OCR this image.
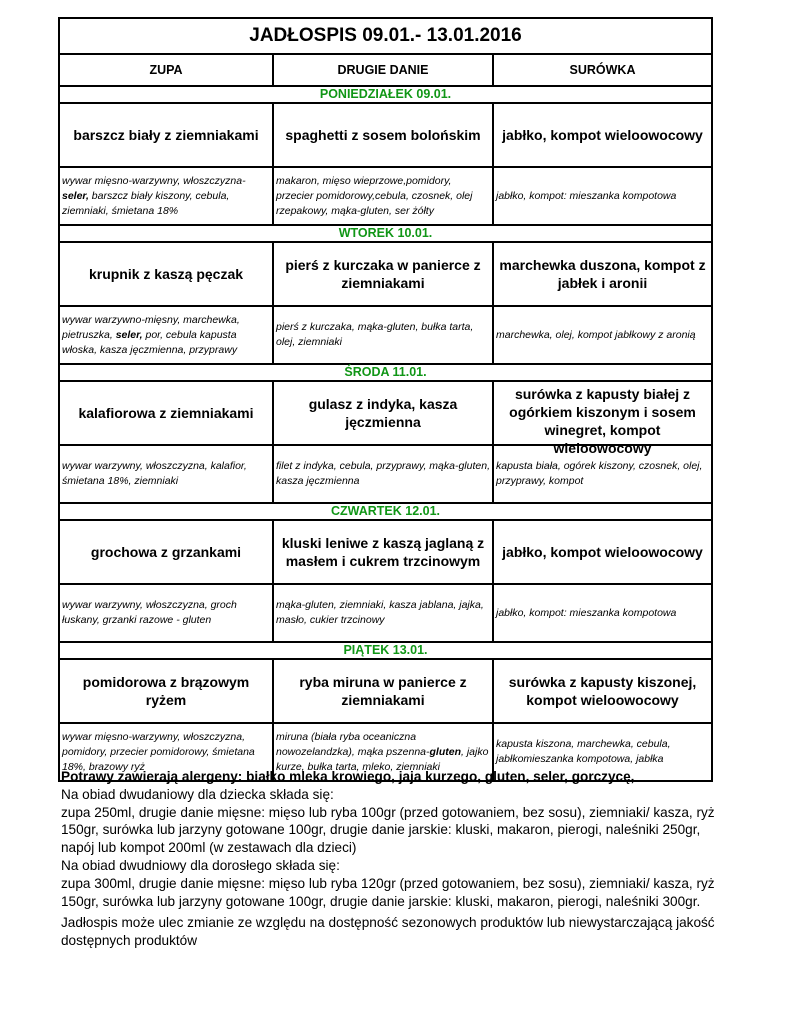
JADŁOSPIS 09.01.- 13.01.2016		
ZUPA	DRUGIE DANIE	SURÓWKA
PONIEDZIAŁEK 09.01.		

barszcz biały z ziemniakami	spaghetti z sosem bolońskim	jabłko, kompot wieloowocowy

wywar mięsno-warzywny, włoszczyzna-seler, barszcz biały kiszony, cebula, ziemniaki, śmietana 18%	makaron, mięso wieprzowe,pomidory, przecier pomidorowy,cebula, czosnek, olej rzepakowy, mąka-gluten, ser żółty	jabłko, kompot: mieszanka kompotowa
WTOREK 10.01.		

krupnik z kaszą pęczak	pierś z kurczaka w panierce z ziemniakami	marchewka duszona, kompot z jabłek i aronii

wywar warzywno-mięsny, marchewka, pietruszka, seler, por, cebula kapusta włoska, kasza jęczmienna, przyprawy	pierś z kurczaka, mąka-gluten, bułka tarta, olej, ziemniaki	marchewka, olej, kompot jabłkowy z aronią
ŚRODA 11.01.		

kalafiorowa z ziemniakami	gulasz z indyka, kasza jęczmienna	surówka z kapusty białej z ogórkiem kiszonym i sosem winegret, kompot wieloowocowy

wywar warzywny, włoszczyzna, kalafior, śmietana 18%, ziemniaki	filet z indyka, cebula, przyprawy, mąka-gluten, kasza jęczmienna	kapusta biała, ogórek kiszony, czosnek, olej, przyprawy, kompot
CZWARTEK 12.01.		

grochowa z grzankami	kluski leniwe z kaszą jaglaną z masłem i cukrem trzcinowym	jabłko, kompot wieloowocowy

wywar warzywny, włoszczyzna, groch łuskany, grzanki razowe - gluten	mąka-gluten, ziemniaki, kasza jablana, jajka, masło, cukier trzcinowy	jabłko, kompot: mieszanka kompotowa
PIĄTEK 13.01.		

pomidorowa z brązowym ryżem	ryba miruna w panierce z ziemniakami	surówka z kapusty kiszonej, kompot wieloowocowy

wywar mięsno-warzywny, włoszczyzna, pomidory, przecier pomidorowy, śmietana 18%, brazowy ryż	miruna (biała ryba oceaniczna nowozelandzka), mąka pszenna-gluten, jajko kurze, bułka tarta, mleko, ziemniaki	kapusta kiszona, marchewka, cebula, jabłkomieszanka kompotowa, jabłka

Potrawy zawierają alergeny: białko mleka krowiego, jaja kurzego, gluten, seler, gorczycę,

Na obiad dwudaniowy dla dziecka składa się:

zupa 250ml, drugie danie mięsne: mięso lub ryba 100gr (przed gotowaniem, bez sosu), ziemniaki/ kasza, ryż 150gr, surówka lub jarzyny gotowane 100gr, drugie danie jarskie: kluski, makaron, pierogi, naleśniki 250gr, napój lub kompot 200ml (w zestawach dla dzieci)

Na obiad dwudniowy dla dorosłego składa się:

zupa 300ml, drugie danie mięsne: mięso lub ryba 120gr (przed gotowaniem, bez sosu), ziemniaki/ kasza, ryż 150gr, surówka lub jarzyny gotowane 100gr, drugie danie jarskie: kluski, makaron, pierogi, naleśniki 300gr.

Jadłospis może ulec zmianie ze względu na dostępność sezonowych produktów lub niewystarczającą jakość dostępnych produktów
